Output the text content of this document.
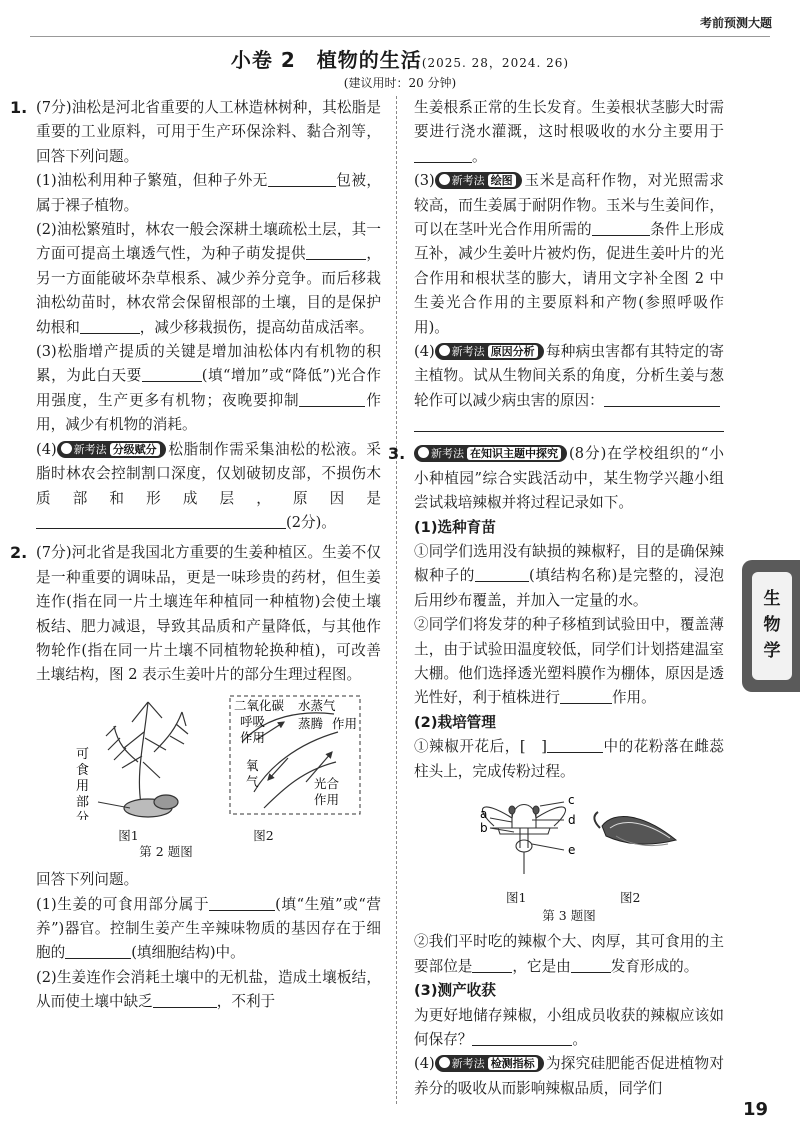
考前预测大题
小卷 2　植物的生活(2025. 28，2024. 26)
(建议用时：20 分钟)
1. (7分)油松是河北省重要的人工林造林树种，其松脂是重要的工业原料，可用于生产环保涂料、黏合剂等，回答下列问题。

(1)油松利用种子繁殖，但种子外无	包被，属于裸子植物。

(2)油松繁殖时，林农一般会深耕土壤疏松土层，其一方面可提高土壤透气性，为种子萌发提供	，另一方面能破坏杂草根系、减少养分竞争。而后移栽油松幼苗时，林农常会保留根部的土壤，目的是保护幼根和	，减少移栽损伤，提高幼苗成活率。

(3)松脂增产提质的关键是增加油松体内有机物的积累，为此白天要	(填“增加”或“降低”)光合作用强度，生产更多有机物；夜晚要抑制	作用，减少有机物的消耗。

(4) 新考法 分级赋分 松脂制作需采集油松的松液。采脂时林农会控制割口深度，仅划破韧皮部，不损伤木质部和形成层，原因是(2分)。

2. (7分)河北省是我国北方重要的生姜种植区。生姜不仅是一种重要的调味品，更是一味珍贵的药材，但生姜连作(指在同一片土壤连年种植同一种植物)会使土壤板结、肥力减退，导致其品质和产量降低，与其他作物轮作(指在同一片土壤不同植物轮换种植)，可改善土壤结构，图 2 表示生姜叶片的部分生理过程图。

可食用部分
二氧化碳
呼吸
作用
水蒸气
蒸腾 作用
氧
气	光合
作用
图1	图2
第 2 题图

回答下列问题。

(1)生姜的可食用部分属于	(填“生殖”或“营养”)器官。控制生姜产生辛辣味物质的基因存在于细胞的	(填细胞结构)中。

(2)生姜连作会消耗土壤中的无机盐，造成土壤板结，从而使土壤中缺乏	，不利于

生姜根系正常的生长发育。生姜根状茎膨大时需要进行浇水灌溉，这时根吸收的水分主要用于。

(3) 新考法 绘图 玉米是高秆作物，对光照需求较高，而生姜属于耐阴作物。玉米与生姜间作，可以在茎叶光合作用所需的	条件上形成互补，减少生姜叶片被灼伤，促进生姜叶片的光合作用和根状茎的膨大，请用文字补全图 2 中生姜光合作用的主要原料和产物(参照呼吸作用)。

(4) 新考法 原因分析 每种病虫害都有其特定的寄主植物。试从生物间关系的角度，分析生姜与葱轮作可以减少病虫害的原因：

3.	新考法 在知识主题中探究 (8分)在学校组织的“小小种植园”综合实践活动中，某生物学兴趣小组尝试栽培辣椒并将过程记录如下。

(1)选种育苗

①同学们选用没有缺损的辣椒籽，目的是确保辣椒种子的	(填结构名称)是完整的，浸泡后用纱布覆盖，并加入一定量的水。

②同学们将发芽的种子移植到试验田中，覆盖薄土，由于试验田温度较低，同学们计划搭建温室大棚。他们选择透光塑料膜作为棚体，原因是透光性好，利于植株进行	作用。

(2)栽培管理

①辣椒开花后，[　]	中的花粉落在雌蕊柱头上，完成传粉过程。

a
b
c
d
e
图1	图2
第 3 题图

②我们平时吃的辣椒个大、肉厚，其可食用的主要部位是	，它是由	发育形成的。

(3)测产收获

为更好地储存辣椒，小组成员收获的辣椒应该如何保存？	。

(4) 新考法 检测指标 为探究硅肥能否促进植物对养分的吸收从而影响辣椒品质，同学们

生
物
学
19
